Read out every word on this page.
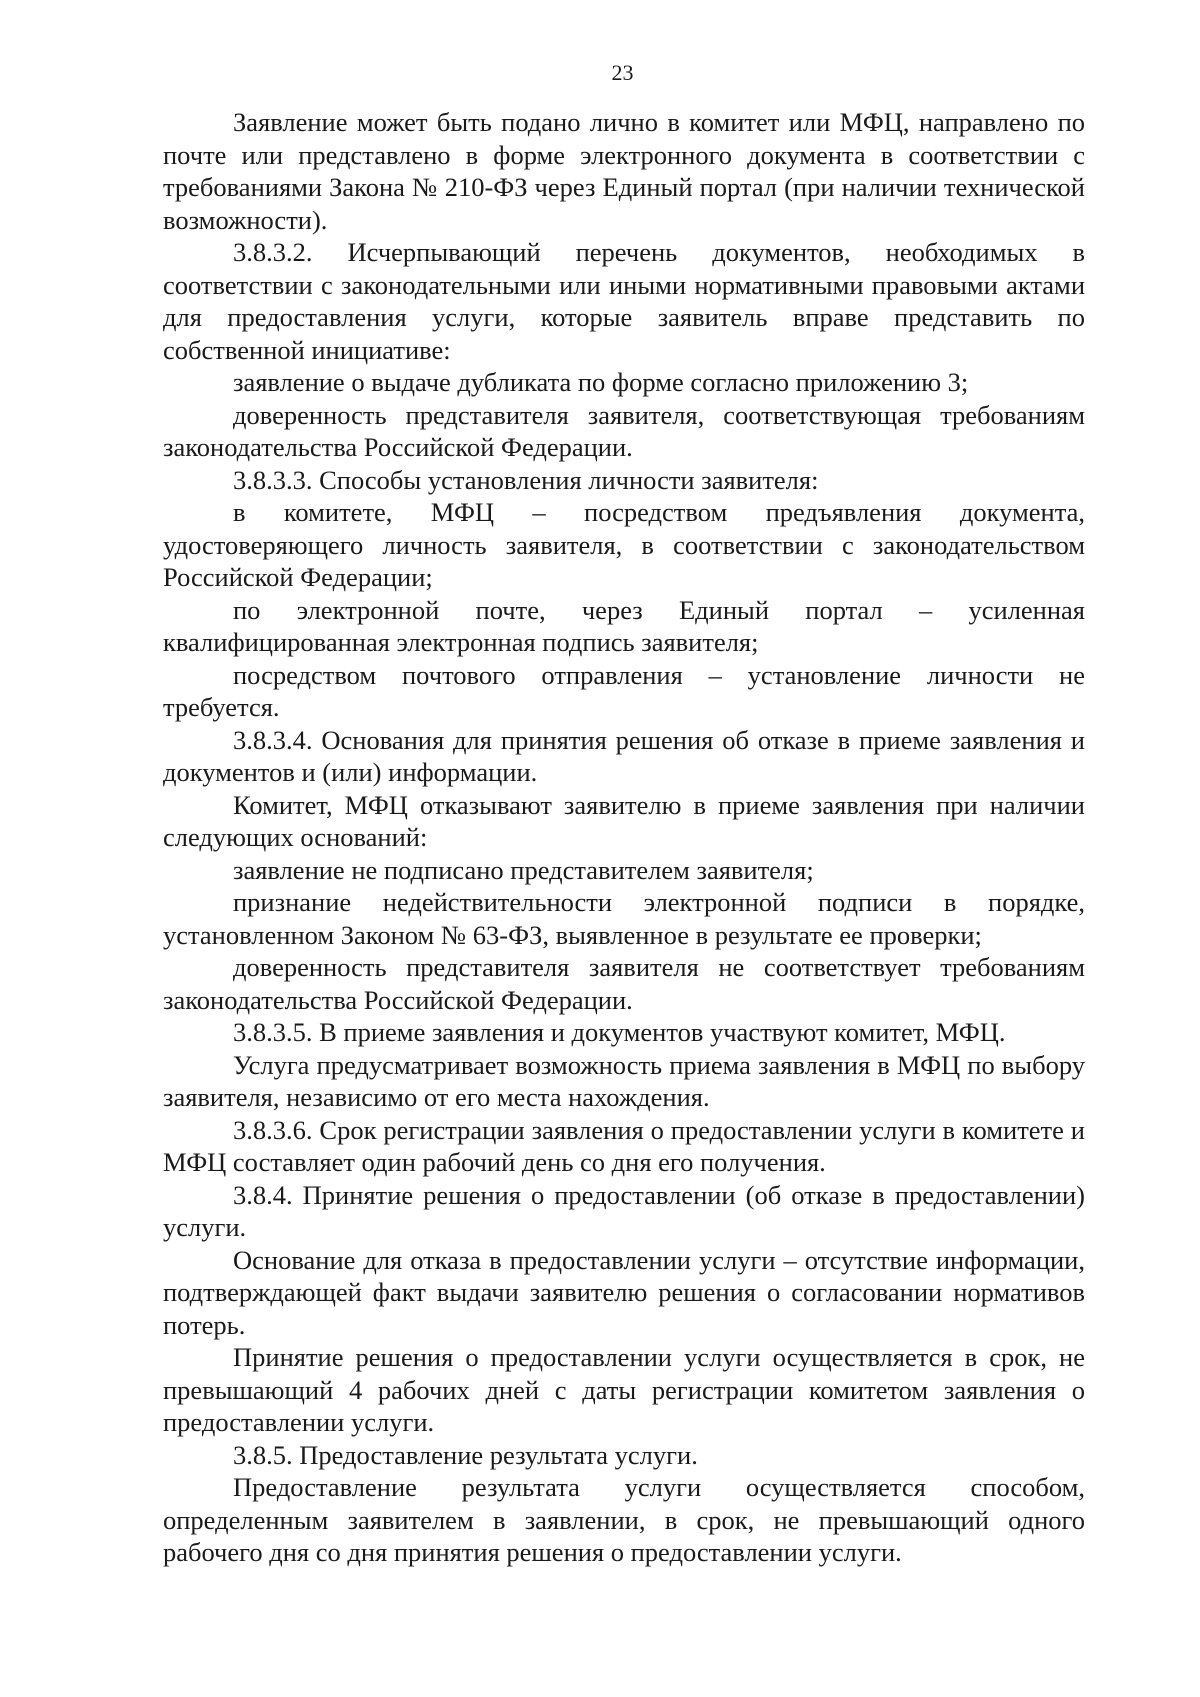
23

Заявление может быть подано лично в комитет или МФЦ, направлено по почте или представлено в форме электронного документа в соответствии с требованиями Закона № 210-ФЗ через Единый портал (при наличии технической возможности).

3.8.3.2. Исчерпывающий перечень документов, необходимых в соответствии с законодательными или иными нормативными правовыми актами для предоставления услуги, которые заявитель вправе представить по собственной инициативе:

заявление о выдаче дубликата по форме согласно приложению 3;

доверенность представителя заявителя, соответствующая требованиям законодательства Российской Федерации.

3.8.3.3. Способы установления личности заявителя:

в комитете, МФЦ – посредством предъявления документа, удостоверяющего личность заявителя, в соответствии с законодательством Российской Федерации;

по электронной почте, через Единый портал – усиленная квалифицированная электронная подпись заявителя;

посредством почтового отправления – установление личности не требуется.

3.8.3.4. Основания для принятия решения об отказе в приеме заявления и документов и (или) информации.

Комитет, МФЦ отказывают заявителю в приеме заявления при наличии следующих оснований:

заявление не подписано представителем заявителя;

признание недействительности электронной подписи в порядке, установленном Законом № 63-ФЗ, выявленное в результате ее проверки;

доверенность представителя заявителя не соответствует требованиям законодательства Российской Федерации.

3.8.3.5. В приеме заявления и документов участвуют комитет, МФЦ.

Услуга предусматривает возможность приема заявления в МФЦ по выбору заявителя, независимо от его места нахождения.

3.8.3.6. Срок регистрации заявления о предоставлении услуги в комитете и МФЦ составляет один рабочий день со дня его получения.

3.8.4. Принятие решения о предоставлении (об отказе в предоставлении) услуги.

Основание для отказа в предоставлении услуги – отсутствие информации, подтверждающей факт выдачи заявителю решения о согласовании нормативов потерь.

Принятие решения о предоставлении услуги осуществляется в срок, не превышающий 4 рабочих дней с даты регистрации комитетом заявления о предоставлении услуги.

3.8.5. Предоставление результата услуги.

Предоставление результата услуги осуществляется способом, определенным заявителем в заявлении, в срок, не превышающий одного рабочего дня со дня принятия решения о предоставлении услуги.
